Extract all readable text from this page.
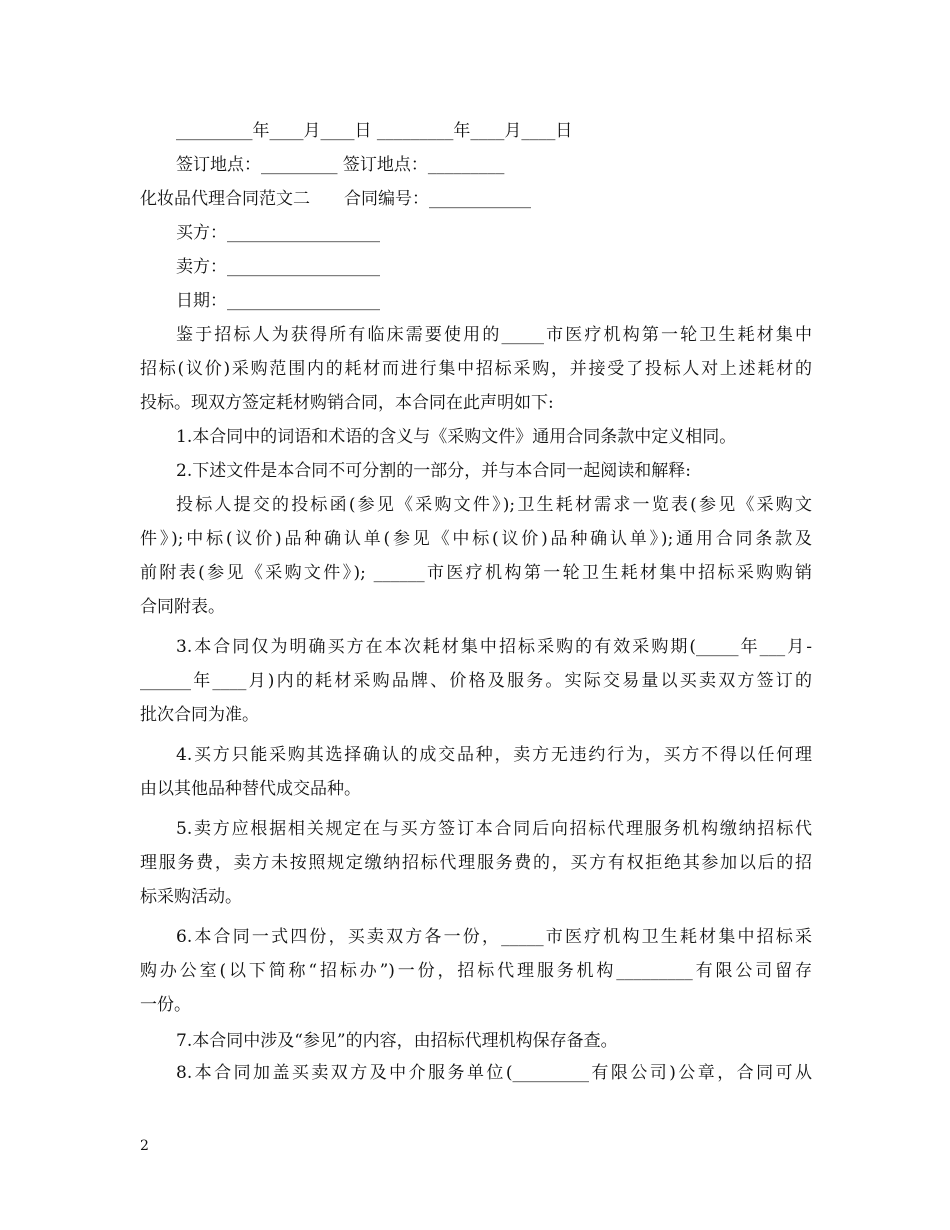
_________年____月____日 _________年____月____日
签订地点：_________ 签订地点：_________
化妆品代理合同范文二　　合同编号：____________
买方：__________________
卖方：__________________
日期：__________________
鉴于招标人为获得所有临床需要使用的_____市医疗机构第一轮卫生耗材集中
招标(议价)采购范围内的耗材而进行集中招标采购，并接受了投标人对上述耗材的
投标。现双方签定耗材购销合同，本合同在此声明如下:
1.本合同中的词语和术语的含义与《采购文件》通用合同条款中定义相同。
2.下述文件是本合同不可分割的一部分，并与本合同一起阅读和解释:
投标人提交的投标函(参见《采购文件》);卫生耗材需求一览表(参见《采购文
件》);中标(议价)品种确认单(参见《中标(议价)品种确认单》);通用合同条款及
前附表(参见《采购文件》); ______市医疗机构第一轮卫生耗材集中招标采购购销
合同附表。
3.本合同仅为明确买方在本次耗材集中招标采购的有效采购期(_____年___月-
______年____月)内的耗材采购品牌、价格及服务。实际交易量以买卖双方签订的
批次合同为准。
4.买方只能采购其选择确认的成交品种，卖方无违约行为，买方不得以任何理
由以其他品种替代成交品种。
5.卖方应根据相关规定在与买方签订本合同后向招标代理服务机构缴纳招标代
理服务费，卖方未按照规定缴纳招标代理服务费的，买方有权拒绝其参加以后的招
标采购活动。
6.本合同一式四份，买卖双方各一份，_____市医疗机构卫生耗材集中招标采
购办公室(以下简称“招标办”)一份，招标代理服务机构_________有限公司留存
一份。
7.本合同中涉及“参见”的内容，由招标代理机构保存备查。
8.本合同加盖买卖双方及中介服务单位(_________有限公司)公章，合同可从
2
